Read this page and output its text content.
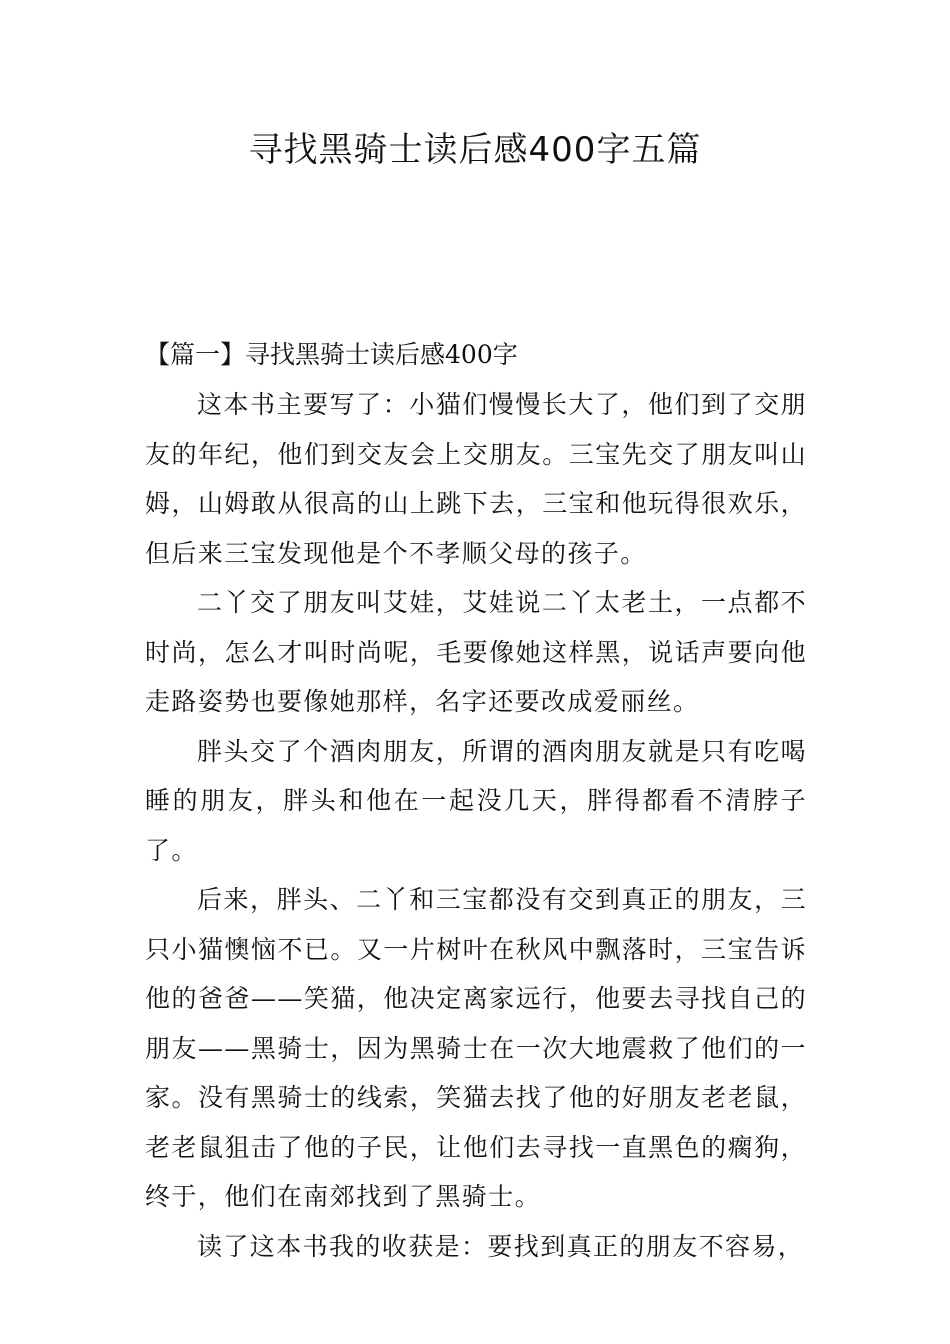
寻找黑骑士读后感400字五篇
【篇一】寻找黑骑士读后感400字

这本书主要写了：小猫们慢慢长大了，他们到了交朋友的年纪，他们到交友会上交朋友。三宝先交了朋友叫山姆，山姆敢从很高的山上跳下去，三宝和他玩得很欢乐，但后来三宝发现他是个不孝顺父母的孩子。

二丫交了朋友叫艾娃，艾娃说二丫太老土，一点都不时尚，怎么才叫时尚呢，毛要像她这样黑，说话声要向他走路姿势也要像她那样，名字还要改成爱丽丝。

胖头交了个酒肉朋友，所谓的酒肉朋友就是只有吃喝睡的朋友，胖头和他在一起没几天，胖得都看不清脖子了。

后来，胖头、二丫和三宝都没有交到真正的朋友，三只小猫懊恼不已。又一片树叶在秋风中飘落时，三宝告诉他的爸爸——笑猫，他决定离家远行，他要去寻找自己的朋友——黑骑士，因为黑骑士在一次大地震救了他们的一家。没有黑骑士的线索，笑猫去找了他的好朋友老老鼠，老老鼠狙击了他的子民，让他们去寻找一直黑色的瘸狗，终于，他们在南郊找到了黑骑士。

读了这本书我的收获是：要找到真正的朋友不容易，
